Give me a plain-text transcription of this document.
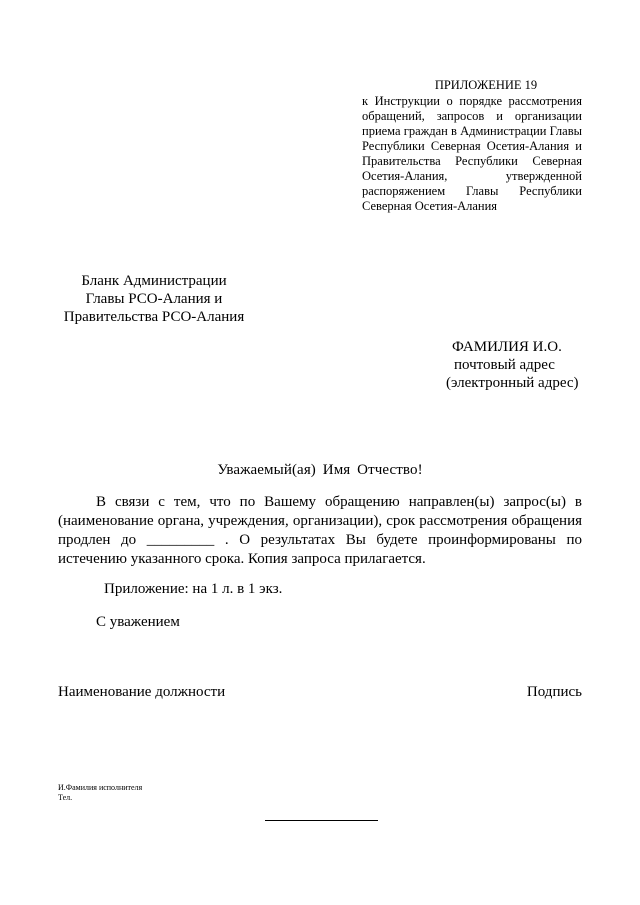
ПРИЛОЖЕНИЕ 19
к Инструкции о порядке рассмотрения обращений, запросов и организации приема граждан в Администрации Главы Республики Северная Осетия-Алания и Правительства Республики Северная Осетия-Алания, утвержденной распоряжением Главы Республики Северная Осетия-Алания
Бланк Администрации
Главы РСО-Алания и
Правительства РСО-Алания
ФАМИЛИЯ И.О.
почтовый адрес
(электронный адрес)
Уважаемый(ая) Имя Отчество!

В связи с тем, что по Вашему обращению направлен(ы) запрос(ы) в (наименование органа, учреждения, организации), срок рассмотрения обращения продлен до _________ . О результатах Вы будете проинформированы по истечению указанного срока. Копия запроса прилагается.

Приложение: на 1 л. в 1 экз.
С уважением
Наименование должности	Подпись
И.Фамилия исполнителя
Тел.
